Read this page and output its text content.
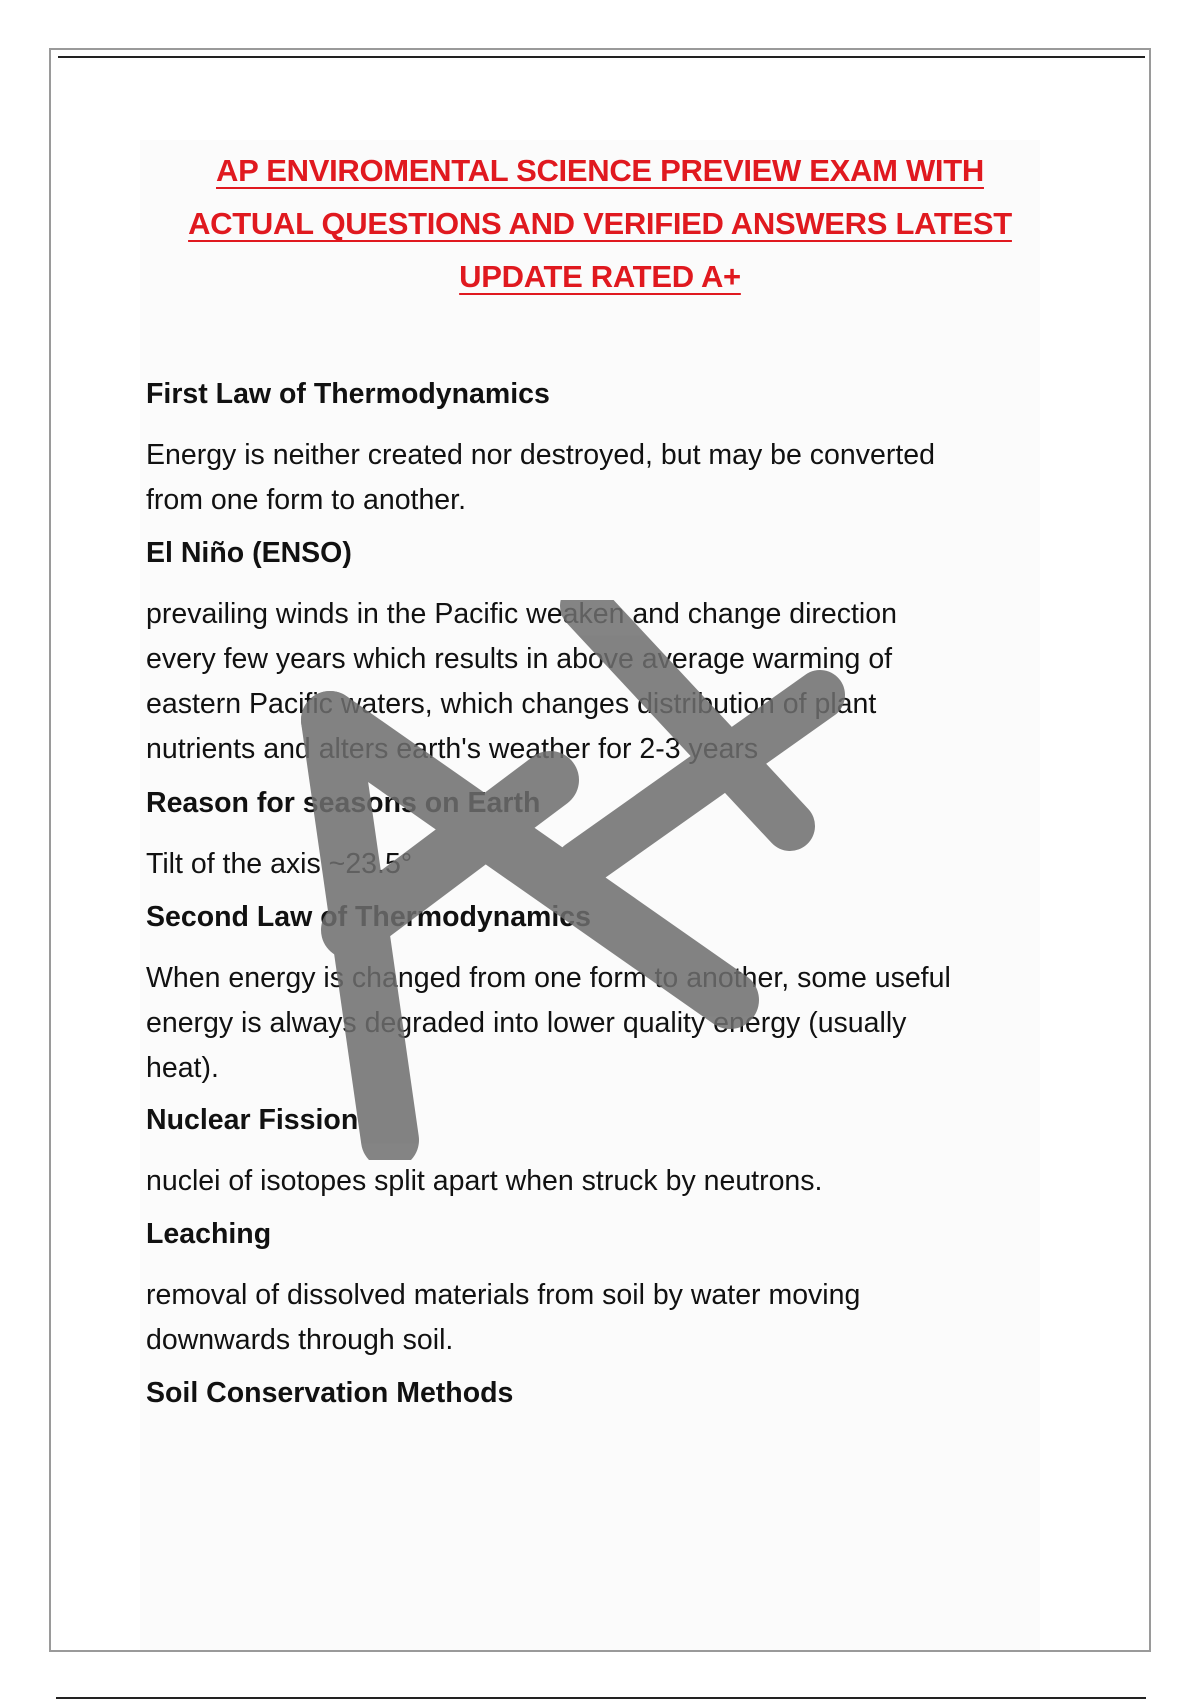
AP ENVIROMENTAL SCIENCE PREVIEW EXAM WITH
ACTUAL QUESTIONS AND VERIFIED ANSWERS LATEST
UPDATE RATED A+

First Law of Thermodynamics

Energy is neither created nor destroyed, but may be converted
from one form to another.

El Niño (ENSO)

prevailing winds in the Pacific weaken and change direction
every few years which results in above average warming of
eastern Pacific waters, which changes distribution of plant
nutrients and alters earth's weather for 2-3 years

Reason for seasons on Earth

Tilt of the axis ~23.5°

Second Law of Thermodynamics

When energy is changed from one form to another, some useful
energy is always degraded into lower quality energy (usually
heat).

Nuclear Fission

nuclei of isotopes split apart when struck by neutrons.

Leaching

removal of dissolved materials from soil by water moving
downwards through soil.

Soil Conservation Methods
